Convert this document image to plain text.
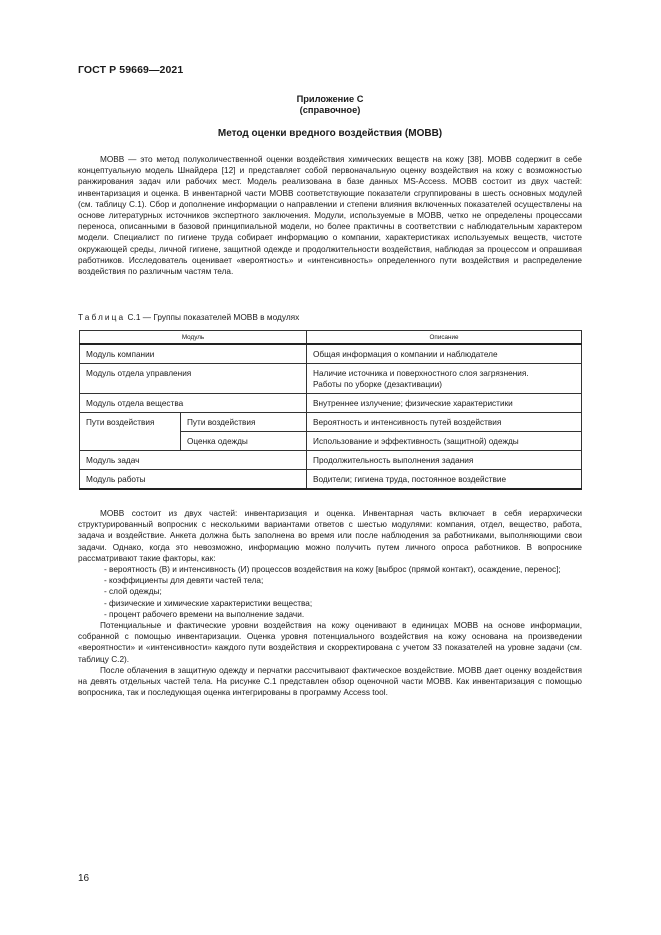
ГОСТ Р 59669—2021
Приложение С
(справочное)
Метод оценки вредного воздействия (МОВВ)

МОВВ — это метод полуколичественной оценки воздействия химических веществ на кожу [38]. МОВВ содержит в себе концептуальную модель Шнайдера [12] и представляет собой первоначальную оценку воздействия на кожу с возможностью ранжирования задач или рабочих мест. Модель реализована в базе данных MS-Access. МОВВ состоит из двух частей: инвентаризация и оценка. В инвентарной части МОВВ соответствующие показатели сгруппированы в шесть основных модулей (см. таблицу С.1). Сбор и дополнение информации о направлении и степени влияния включенных показателей осуществлены на основе литературных источников экспертного заключения. Модули, используемые в МОВВ, четко не определены процессами переноса, описанными в базовой принципиальной модели, но более практичны в соответствии с наблюдательным характером модели. Специалист по гигиене труда собирает информацию о компании, характеристиках используемых веществ, чистоте окружающей среды, личной гигиене, защитной одежде и продолжительности воздействия, наблюдая за процессом и опрашивая работников. Исследователь оценивает «вероятность» и «интенсивность» определенного пути воздействия и распределение воздействия по различным частям тела.

Таблица С.1 — Группы показателей МОВВ в модулях
Модуль		Описание
Модуль компании		Общая информация о компании и наблюдателе
Модуль отдела управления		Наличие источника и поверхностного слоя загрязнения.
Работы по уборке (дезактивации)

Модуль отдела вещества		Внутреннее излучение; физические характеристики
Пути воздействия	Пути воздействия	Вероятность и интенсивность путей воздействия
	Оценка одежды	Использование и эффективность (защитной) одежды
Модуль задач		Продолжительность выполнения задания
Модуль работы		Водители; гигиена труда, постоянное воздействие

МОВВ состоит из двух частей: инвентаризация и оценка. Инвентарная часть включает в себя иерархически структурированный вопросник с несколькими вариантами ответов с шестью модулями: компания, отдел, вещество, работа, задача и воздействие. Анкета должна быть заполнена во время или после наблюдения за работниками, выполняющими свои задачи. Однако, когда это невозможно, информацию можно получить путем личного опроса работников. В вопроснике рассматривают такие факторы, как:

- вероятность (В) и интенсивность (И) процессов воздействия на кожу [выброс (прямой контакт), осаждение, перенос];

- коэффициенты для девяти частей тела;

- слой одежды;

- физические и химические характеристики вещества;

- процент рабочего времени на выполнение задачи.

Потенциальные и фактические уровни воздействия на кожу оценивают в единицах МОВВ на основе информации, собранной с помощью инвентаризации. Оценка уровня потенциального воздействия на кожу основана на произведении «вероятности» и «интенсивности» каждого пути воздействия и скорректирована с учетом 33 показателей на уровне задачи (см. таблицу С.2).

После облачения в защитную одежду и перчатки рассчитывают фактическое воздействие. МОВВ дает оценку воздействия на девять отдельных частей тела. На рисунке С.1 представлен обзор оценочной части МОВВ. Как инвентаризация с помощью вопросника, так и последующая оценка интегрированы в программу Access tool.

16
